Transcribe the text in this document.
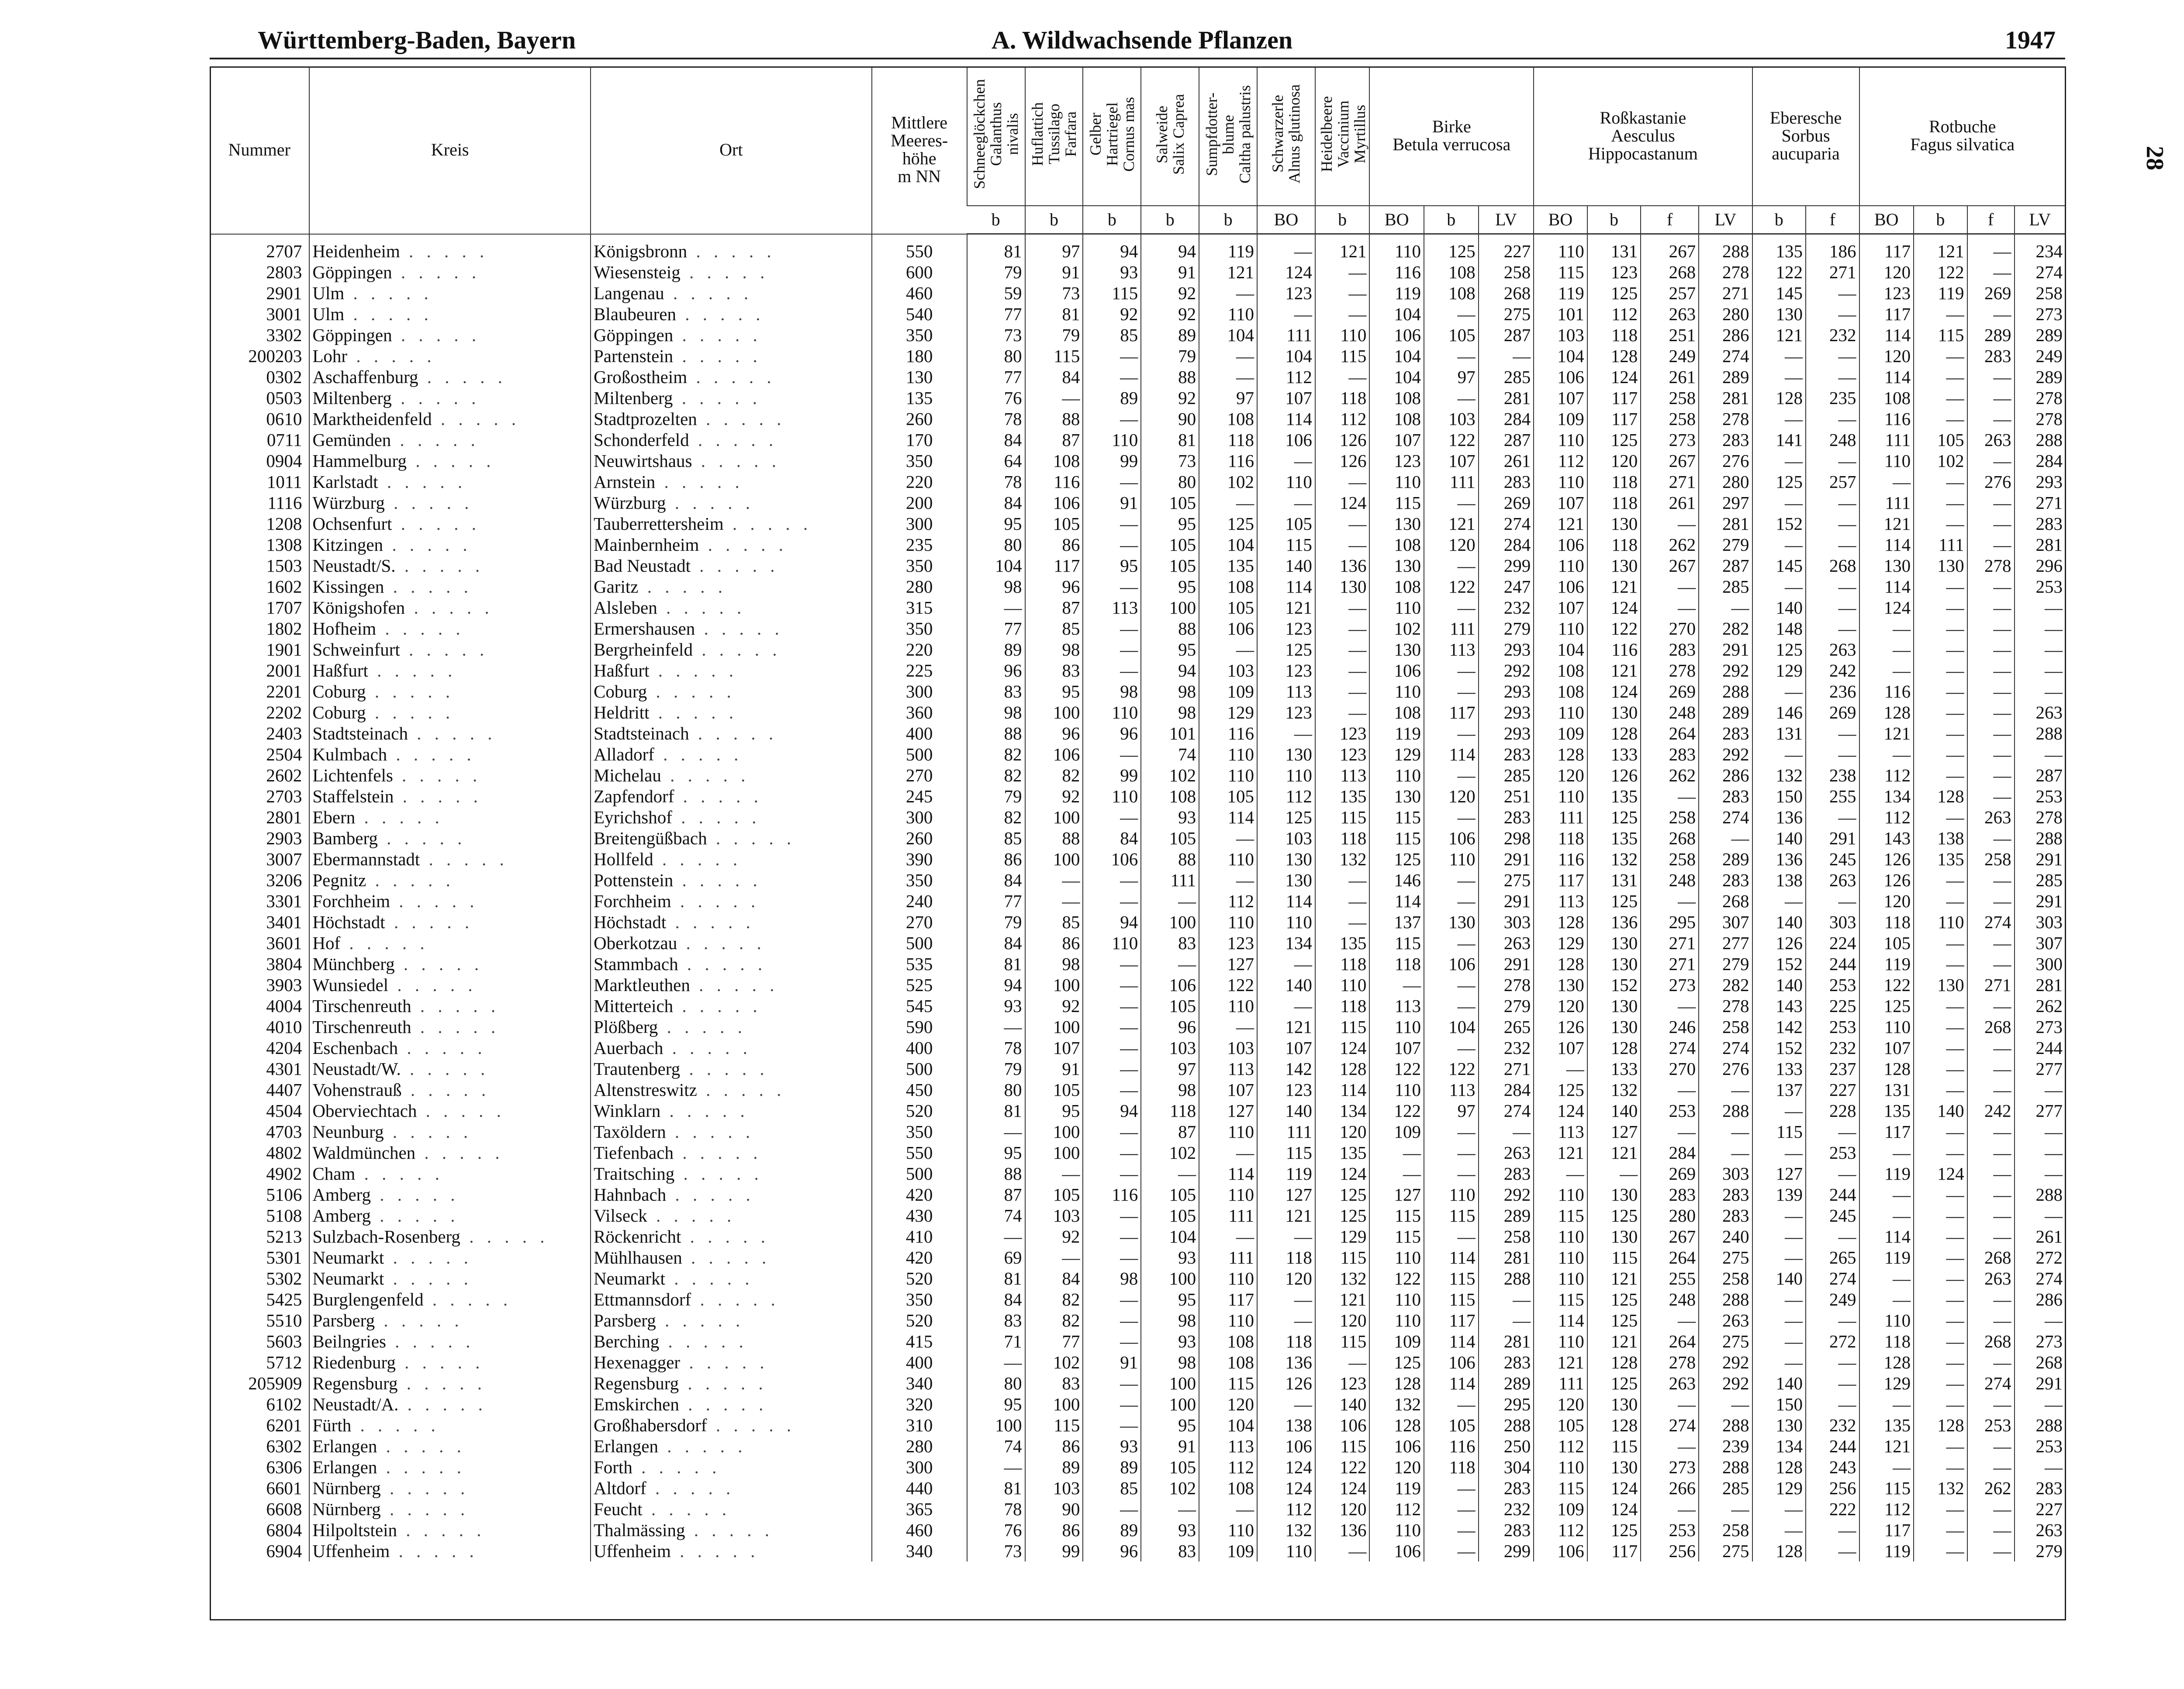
Württemberg-Baden, Bayern	A. Wildwachsende Pflanzen	1947
28
Nummer	Kreis	Ort	Mittlere
Meeres-
höhe
m NN	Schneeglöckchen
Galanthus
nivalis	Huflattich
Tussilago
Farfara	Gelber
Hartriegel
Cornus mas	Salweide
Salix Caprea	Sumpfdotter-
blume
Caltha palustris	Schwarzerle
Alnus glutinosa	Heidelbeere
Vaccinium
Myrtillus	Birke
Betula verrucosa			Roßkastanie
Aesculus
Hippocastanum				Eberesche
Sorbus
aucuparia		Rotbuche
Fagus silvatica			
				b	b	b	b	b	BO	b	BO	b	LV	BO	b	f	LV	b	f	BO	b	f	LV
2707	Heidenheim . . . . .	Königsbronn . . . . .	550	81	97	94	94	119	—	121	110	125	227	110	131	267	288	135	186	117	121	—	234
2803	Göppingen . . . . .	Wiesensteig . . . . .	600	79	91	93	91	121	124	—	116	108	258	115	123	268	278	122	271	120	122	—	274
2901	Ulm . . . . .	Langenau . . . . .	460	59	73	115	92	—	123	—	119	108	268	119	125	257	271	145	—	123	119	269	258
3001	Ulm . . . . .	Blaubeuren . . . . .	540	77	81	92	92	110	—	—	104	—	275	101	112	263	280	130	—	117	—	—	273
3302	Göppingen . . . . .	Göppingen . . . . .	350	73	79	85	89	104	111	110	106	105	287	103	118	251	286	121	232	114	115	289	289
200203	Lohr . . . . .	Partenstein . . . . .	180	80	115	—	79	—	104	115	104	—	—	104	128	249	274	—	—	120	—	283	249
0302	Aschaffenburg . . . . .	Großostheim . . . . .	130	77	84	—	88	—	112	—	104	97	285	106	124	261	289	—	—	114	—	—	289
0503	Miltenberg . . . . .	Miltenberg . . . . .	135	76	—	89	92	97	107	118	108	—	281	107	117	258	281	128	235	108	—	—	278
0610	Marktheidenfeld . . . . .	Stadtprozelten . . . . .	260	78	88	—	90	108	114	112	108	103	284	109	117	258	278	—	—	116	—	—	278
0711	Gemünden . . . . .	Schonderfeld . . . . .	170	84	87	110	81	118	106	126	107	122	287	110	125	273	283	141	248	111	105	263	288
0904	Hammelburg . . . . .	Neuwirtshaus . . . . .	350	64	108	99	73	116	—	126	123	107	261	112	120	267	276	—	—	110	102	—	284
1011	Karlstadt . . . . .	Arnstein . . . . .	220	78	116	—	80	102	110	—	110	111	283	110	118	271	280	125	257	—	—	276	293
1116	Würzburg . . . . .	Würzburg . . . . .	200	84	106	91	105	—	—	124	115	—	269	107	118	261	297	—	—	111	—	—	271
1208	Ochsenfurt . . . . .	Tauberrettersheim . . . . .	300	95	105	—	95	125	105	—	130	121	274	121	130	—	281	152	—	121	—	—	283
1308	Kitzingen . . . . .	Mainbernheim . . . . .	235	80	86	—	105	104	115	—	108	120	284	106	118	262	279	—	—	114	111	—	281
1503	Neustadt/S. . . . . .	Bad Neustadt . . . . .	350	104	117	95	105	135	140	136	130	—	299	110	130	267	287	145	268	130	130	278	296
1602	Kissingen . . . . .	Garitz . . . . .	280	98	96	—	95	108	114	130	108	122	247	106	121	—	285	—	—	114	—	—	253
1707	Königshofen . . . . .	Alsleben . . . . .	315	—	87	113	100	105	121	—	110	—	232	107	124	—	—	140	—	124	—	—	—
1802	Hofheim . . . . .	Ermershausen . . . . .	350	77	85	—	88	106	123	—	102	111	279	110	122	270	282	148	—	—	—	—	—
1901	Schweinfurt . . . . .	Bergrheinfeld . . . . .	220	89	98	—	95	—	125	—	130	113	293	104	116	283	291	125	263	—	—	—	—
2001	Haßfurt . . . . .	Haßfurt . . . . .	225	96	83	—	94	103	123	—	106	—	292	108	121	278	292	129	242	—	—	—	—
2201	Coburg . . . . .	Coburg . . . . .	300	83	95	98	98	109	113	—	110	—	293	108	124	269	288	—	236	116	—	—	—
2202	Coburg . . . . .	Heldritt . . . . .	360	98	100	110	98	129	123	—	108	117	293	110	130	248	289	146	269	128	—	—	263
2403	Stadtsteinach . . . . .	Stadtsteinach . . . . .	400	88	96	96	101	116	—	123	119	—	293	109	128	264	283	131	—	121	—	—	288
2504	Kulmbach . . . . .	Alladorf . . . . .	500	82	106	—	74	110	130	123	129	114	283	128	133	283	292	—	—	—	—	—	—
2602	Lichtenfels . . . . .	Michelau . . . . .	270	82	82	99	102	110	110	113	110	—	285	120	126	262	286	132	238	112	—	—	287
2703	Staffelstein . . . . .	Zapfendorf . . . . .	245	79	92	110	108	105	112	135	130	120	251	110	135	—	283	150	255	134	128	—	253
2801	Ebern . . . . .	Eyrichshof . . . . .	300	82	100	—	93	114	125	115	115	—	283	111	125	258	274	136	—	112	—	263	278
2903	Bamberg . . . . .	Breitengüßbach . . . . .	260	85	88	84	105	—	103	118	115	106	298	118	135	268	—	140	291	143	138	—	288
3007	Ebermannstadt . . . . .	Hollfeld . . . . .	390	86	100	106	88	110	130	132	125	110	291	116	132	258	289	136	245	126	135	258	291
3206	Pegnitz . . . . .	Pottenstein . . . . .	350	84	—	—	111	—	130	—	146	—	275	117	131	248	283	138	263	126	—	—	285
3301	Forchheim . . . . .	Forchheim . . . . .	240	77	—	—	—	112	114	—	114	—	291	113	125	—	268	—	—	120	—	—	291
3401	Höchstadt . . . . .	Höchstadt . . . . .	270	79	85	94	100	110	110	—	137	130	303	128	136	295	307	140	303	118	110	274	303
3601	Hof . . . . .	Oberkotzau . . . . .	500	84	86	110	83	123	134	135	115	—	263	129	130	271	277	126	224	105	—	—	307
3804	Münchberg . . . . .	Stammbach . . . . .	535	81	98	—	—	127	—	118	118	106	291	128	130	271	279	152	244	119	—	—	300
3903	Wunsiedel . . . . .	Marktleuthen . . . . .	525	94	100	—	106	122	140	110	—	—	278	130	152	273	282	140	253	122	130	271	281
4004	Tirschenreuth . . . . .	Mitterteich . . . . .	545	93	92	—	105	110	—	118	113	—	279	120	130	—	278	143	225	125	—	—	262
4010	Tirschenreuth . . . . .	Plößberg . . . . .	590	—	100	—	96	—	121	115	110	104	265	126	130	246	258	142	253	110	—	268	273
4204	Eschenbach . . . . .	Auerbach . . . . .	400	78	107	—	103	103	107	124	107	—	232	107	128	274	274	152	232	107	—	—	244
4301	Neustadt/W. . . . . .	Trautenberg . . . . .	500	79	91	—	97	113	142	128	122	122	271	—	133	270	276	133	237	128	—	—	277
4407	Vohenstrauß . . . . .	Altenstreswitz . . . . .	450	80	105	—	98	107	123	114	110	113	284	125	132	—	—	137	227	131	—	—	—
4504	Oberviechtach . . . . .	Winklarn . . . . .	520	81	95	94	118	127	140	134	122	97	274	124	140	253	288	—	228	135	140	242	277
4703	Neunburg . . . . .	Taxöldern . . . . .	350	—	100	—	87	110	111	120	109	—	—	113	127	—	—	115	—	117	—	—	—
4802	Waldmünchen . . . . .	Tiefenbach . . . . .	550	95	100	—	102	—	115	135	—	—	263	121	121	284	—	—	253	—	—	—	—
4902	Cham . . . . .	Traitsching . . . . .	500	88	—	—	—	114	119	124	—	—	283	—	—	269	303	127	—	119	124	—	—
5106	Amberg . . . . .	Hahnbach . . . . .	420	87	105	116	105	110	127	125	127	110	292	110	130	283	283	139	244	—	—	—	288
5108	Amberg . . . . .	Vilseck . . . . .	430	74	103	—	105	111	121	125	115	115	289	115	125	280	283	—	245	—	—	—	—
5213	Sulzbach-Rosenberg . . . . .	Röckenricht . . . . .	410	—	92	—	104	—	—	129	115	—	258	110	130	267	240	—	—	114	—	—	261
5301	Neumarkt . . . . .	Mühlhausen . . . . .	420	69	—	—	93	111	118	115	110	114	281	110	115	264	275	—	265	119	—	268	272
5302	Neumarkt . . . . .	Neumarkt . . . . .	520	81	84	98	100	110	120	132	122	115	288	110	121	255	258	140	274	—	—	263	274
5425	Burglengenfeld . . . . .	Ettmannsdorf . . . . .	350	84	82	—	95	117	—	121	110	115	—	115	125	248	288	—	249	—	—	—	286
5510	Parsberg . . . . .	Parsberg . . . . .	520	83	82	—	98	110	—	120	110	117	—	114	125	—	263	—	—	110	—	—	—
5603	Beilngries . . . . .	Berching . . . . .	415	71	77	—	93	108	118	115	109	114	281	110	121	264	275	—	272	118	—	268	273
5712	Riedenburg . . . . .	Hexenagger . . . . .	400	—	102	91	98	108	136	—	125	106	283	121	128	278	292	—	—	128	—	—	268
205909	Regensburg . . . . .	Regensburg . . . . .	340	80	83	—	100	115	126	123	128	114	289	111	125	263	292	140	—	129	—	274	291
6102	Neustadt/A. . . . . .	Emskirchen . . . . .	320	95	100	—	100	120	—	140	132	—	295	120	130	—	—	150	—	—	—	—	—
6201	Fürth . . . . .	Großhabersdorf . . . . .	310	100	115	—	95	104	138	106	128	105	288	105	128	274	288	130	232	135	128	253	288
6302	Erlangen . . . . .	Erlangen . . . . .	280	74	86	93	91	113	106	115	106	116	250	112	115	—	239	134	244	121	—	—	253
6306	Erlangen . . . . .	Forth . . . . .	300	—	89	89	105	112	124	122	120	118	304	110	130	273	288	128	243	—	—	—	—
6601	Nürnberg . . . . .	Altdorf . . . . .	440	81	103	85	102	108	124	124	119	—	283	115	124	266	285	129	256	115	132	262	283
6608	Nürnberg . . . . .	Feucht . . . . .	365	78	90	—	—	—	112	120	112	—	232	109	124	—	—	—	222	112	—	—	227
6804	Hilpoltstein . . . . .	Thalmässing . . . . .	460	76	86	89	93	110	132	136	110	—	283	112	125	253	258	—	—	117	—	—	263
6904	Uffenheim . . . . .	Uffenheim . . . . .	340	73	99	96	83	109	110	—	106	—	299	106	117	256	275	128	—	119	—	—	279
